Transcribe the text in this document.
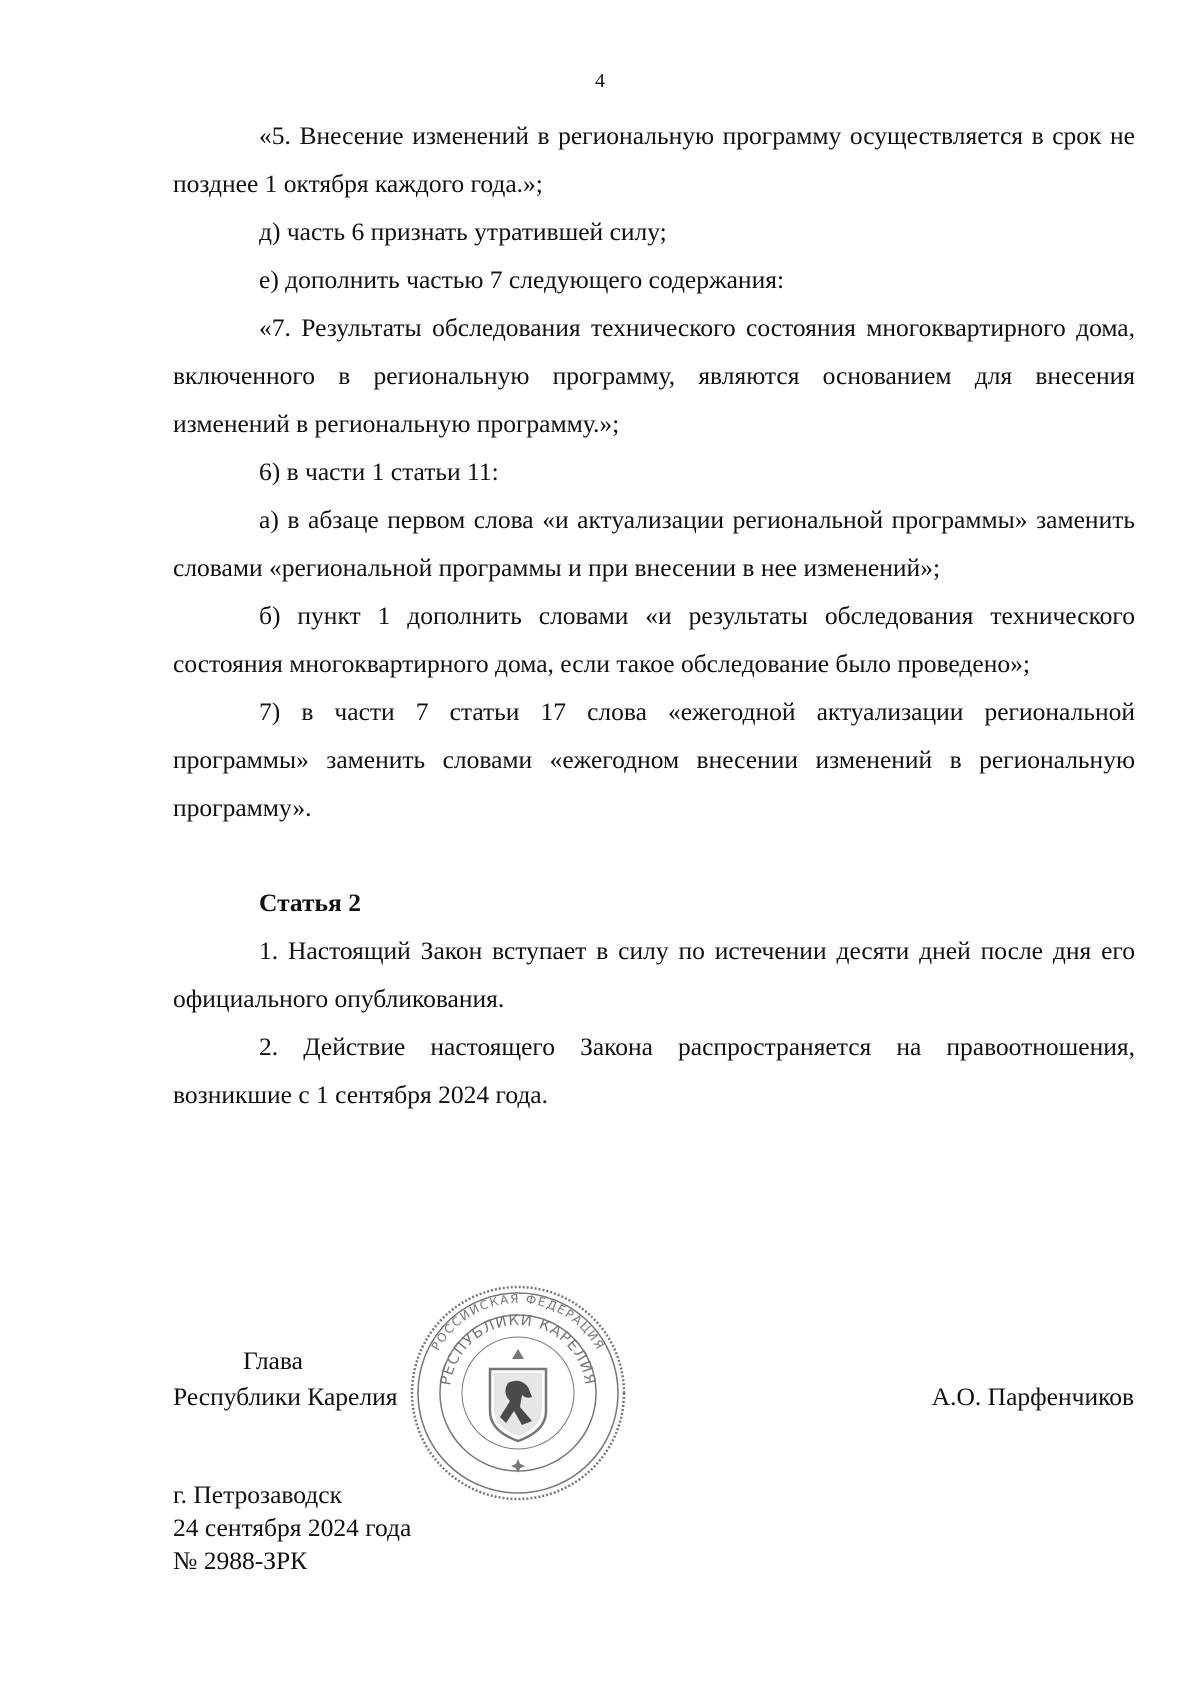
4

«5. Внесение изменений в региональную программу осуществляется в срок не позднее 1 октября каждого года.»;

д) часть 6 признать утратившей силу;

е) дополнить частью 7 следующего содержания:

«7. Результаты обследования технического состояния многоквартирного дома, включенного в региональную программу, являются основанием для внесения изменений в региональную программу.»;

6) в части 1 статьи 11:

а) в абзаце первом слова «и актуализации региональной программы» заменить словами «региональной программы и при внесении в нее изменений»;

б) пункт 1 дополнить словами «и результаты обследования технического состояния многоквартирного дома, если такое обследование было проведено»;

7) в части 7 статьи 17 слова «ежегодной актуализации региональной программы» заменить словами «ежегодном внесении изменений в региональную программу».

Статья 2

1. Настоящий Закон вступает в силу по истечении десяти дней после дня его официального опубликования.

2. Действие настоящего Закона распространяется на правоотношения, возникшие с 1 сентября 2024 года.

Глава
Республики Карелия	А.О. Парфенчиков
РОССИЙСКАЯ ФЕДЕРАЦИЯ
РЕСПУБЛИКИ КАРЕЛИЯ
г. Петрозаводск
24 сентября 2024 года
№ 2988-ЗРК
